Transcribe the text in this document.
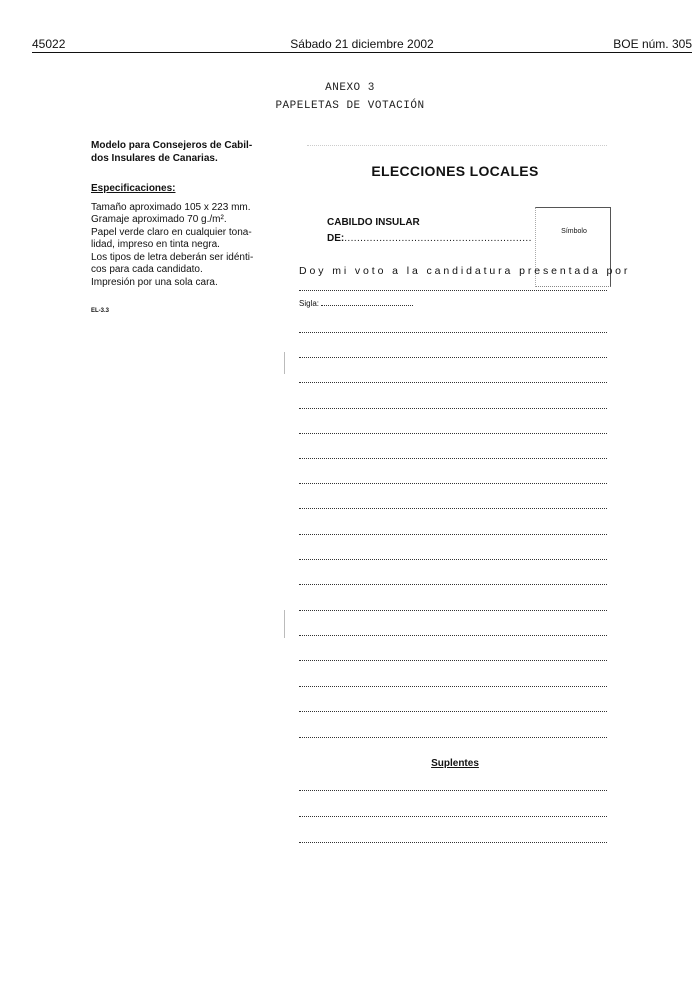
45022	Sábado 21 diciembre 2002	BOE núm. 305
ANEXO 3
PAPELETAS DE VOTACIÓN

Modelo para Consejeros de Cabil-
dos Insulares de Canarias.

Especificaciones:

Tamaño aproximado 105 x 223 mm.

Gramaje aproximado 70 g./m².

Papel verde claro en cualquier tona-

lidad, impreso en tinta negra.

Los tipos de letra deberán ser idénti-

cos para cada candidato.

Impresión por una sola cara.

EL-3.3
ELECCIONES LOCALES
CABILDO INSULAR
DE:...........................................................
Símbolo
Doy mi voto a la candidatura presentada por
Sigla:
Suplentes
